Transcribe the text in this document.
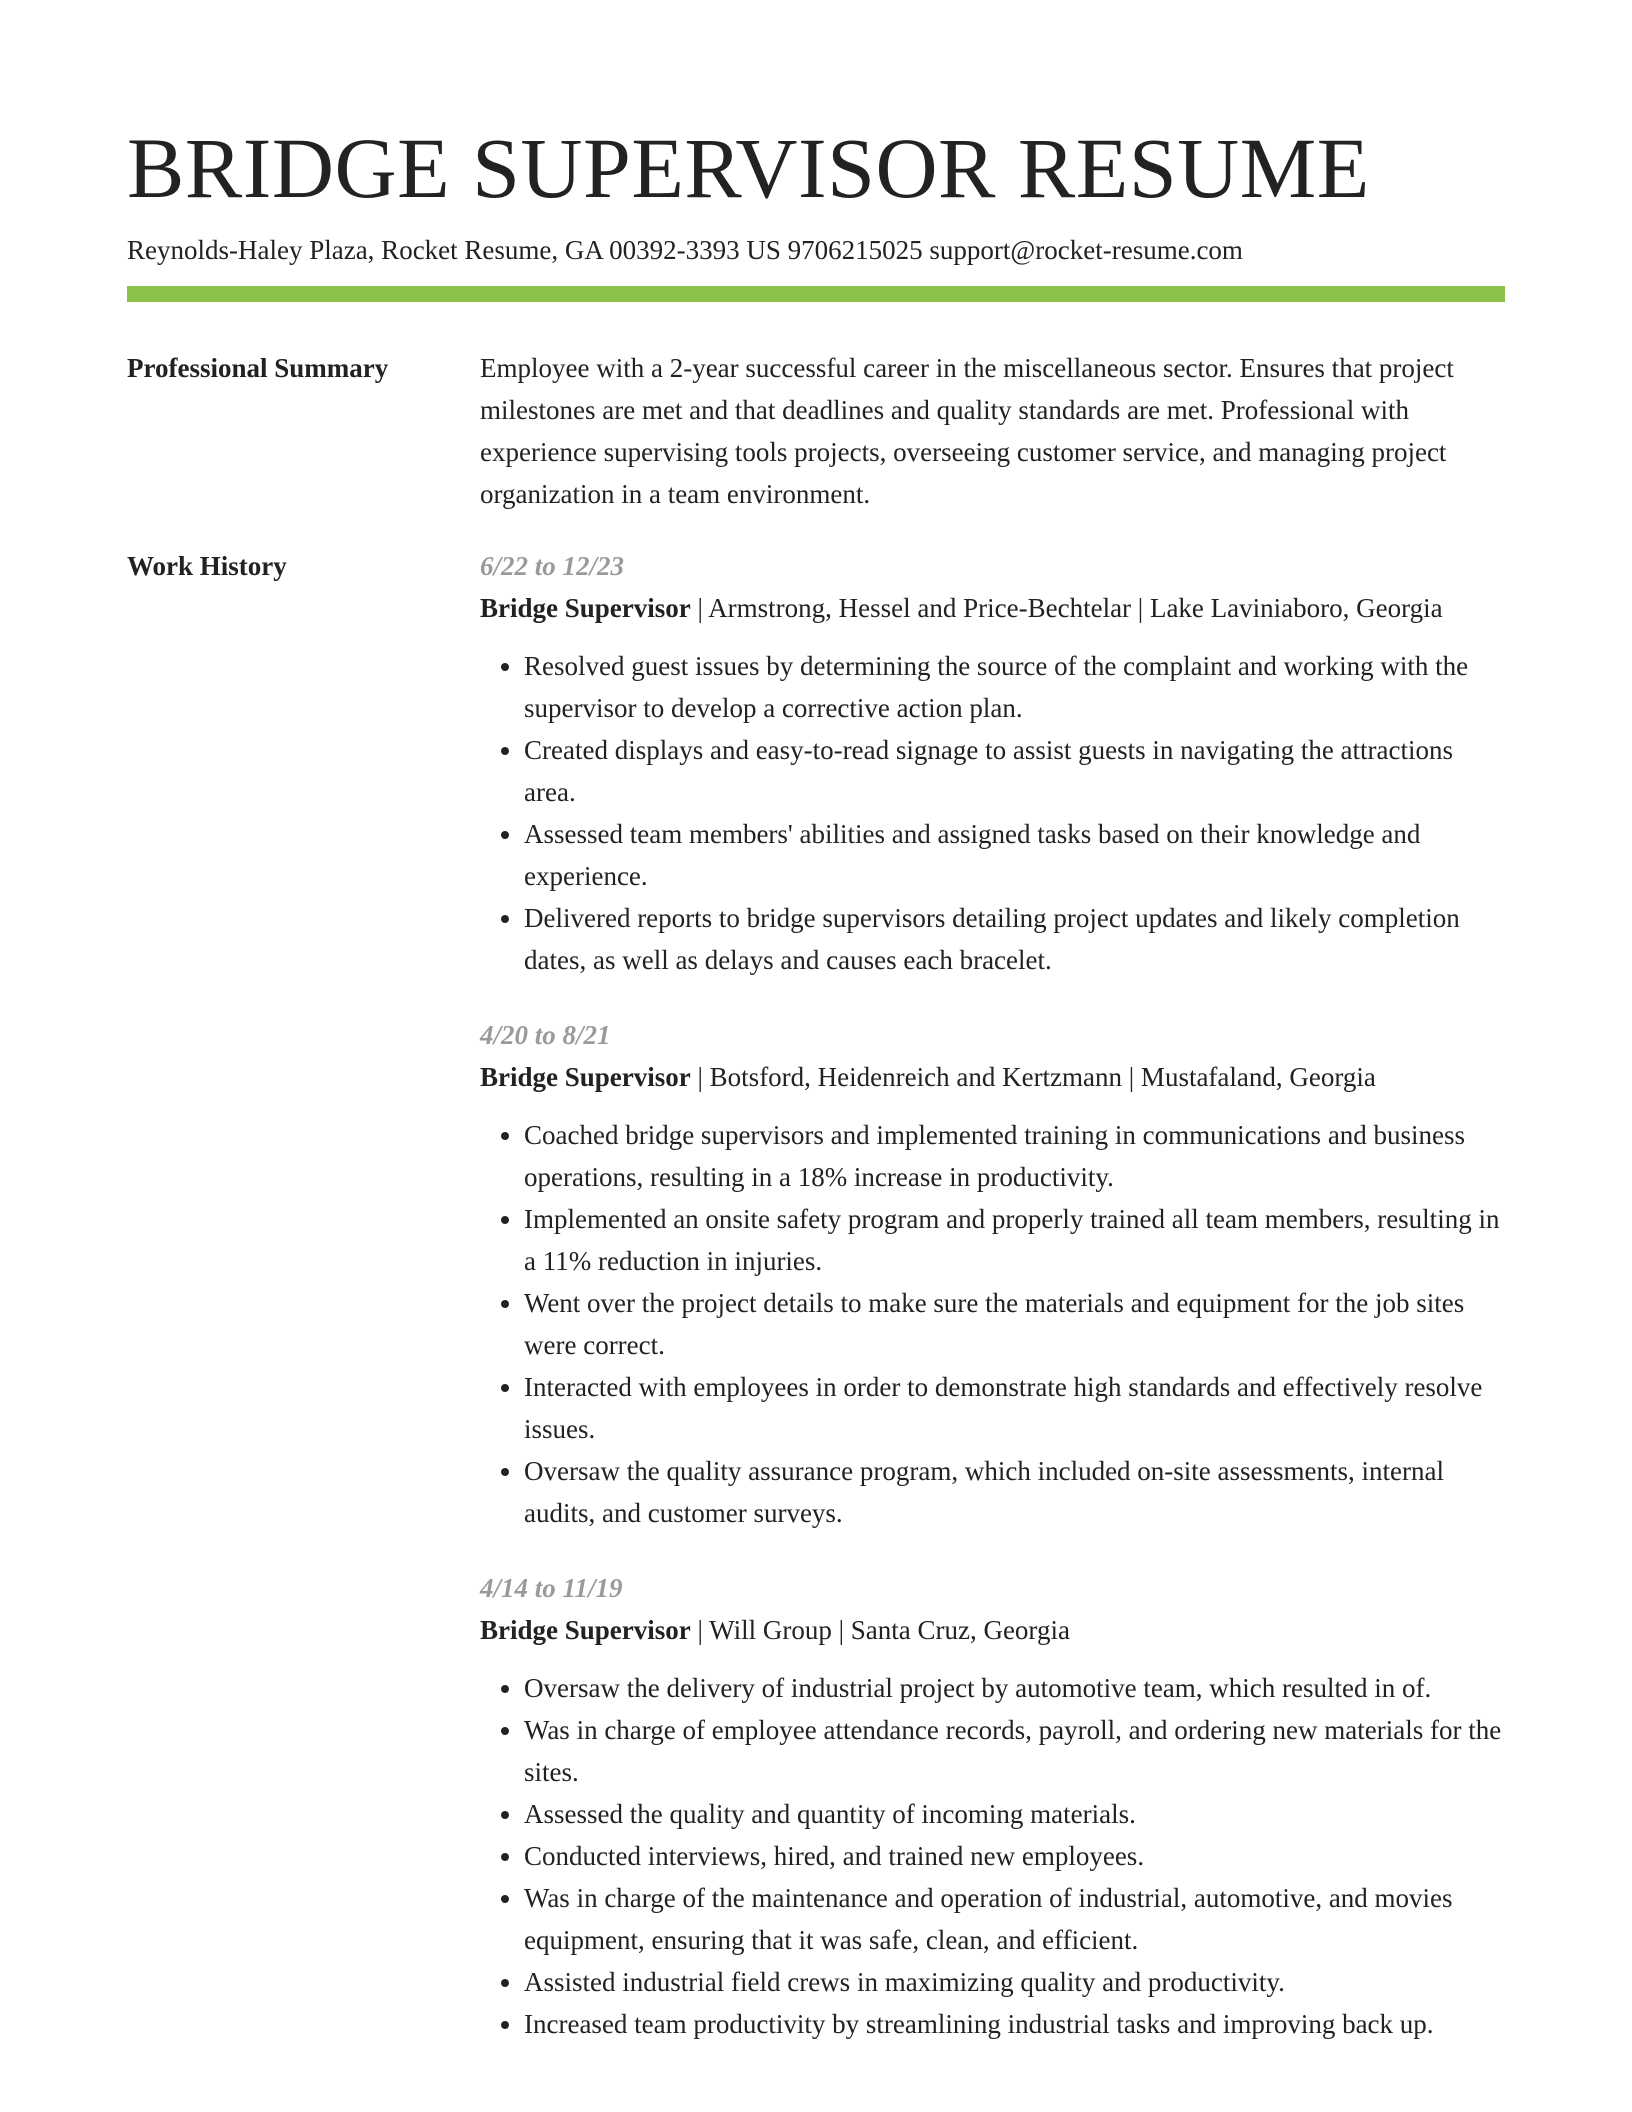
BRIDGE SUPERVISOR RESUME
Reynolds-Haley Plaza, Rocket Resume, GA 00392-3393 US 9706215025 support@rocket-resume.com
Professional Summary	Employee with a 2-year successful career in the miscellaneous sector. Ensures that project milestones are met and that deadlines and quality standards are met. Professional with experience supervising tools projects, overseeing customer service, and managing project organization in a team environment.

Work History	6/22 to 12/23
Bridge Supervisor | Armstrong, Hessel and Price-Bechtelar | Lake Laviniaboro, Georgia
• Resolved guest issues by determining the source of the complaint and working with the supervisor to develop a corrective action plan.
• Created displays and easy-to-read signage to assist guests in navigating the attractions area.
• Assessed team members' abilities and assigned tasks based on their knowledge and experience.
• Delivered reports to bridge supervisors detailing project updates and likely completion dates, as well as delays and causes each bracelet.
4/20 to 8/21
Bridge Supervisor | Botsford, Heidenreich and Kertzmann | Mustafaland, Georgia
• Coached bridge supervisors and implemented training in communications and business operations, resulting in a 18% increase in productivity.
• Implemented an onsite safety program and properly trained all team members, resulting in a 11% reduction in injuries.
• Went over the project details to make sure the materials and equipment for the job sites were correct.
• Interacted with employees in order to demonstrate high standards and effectively resolve issues.
• Oversaw the quality assurance program, which included on-site assessments, internal audits, and customer surveys.
4/14 to 11/19
Bridge Supervisor | Will Group | Santa Cruz, Georgia
• Oversaw the delivery of industrial project by automotive team, which resulted in of.
• Was in charge of employee attendance records, payroll, and ordering new materials for the sites.
• Assessed the quality and quantity of incoming materials.
• Conducted interviews, hired, and trained new employees.
• Was in charge of the maintenance and operation of industrial, automotive, and movies equipment, ensuring that it was safe, clean, and efficient.
• Assisted industrial field crews in maximizing quality and productivity.
• Increased team productivity by streamlining industrial tasks and improving back up.
